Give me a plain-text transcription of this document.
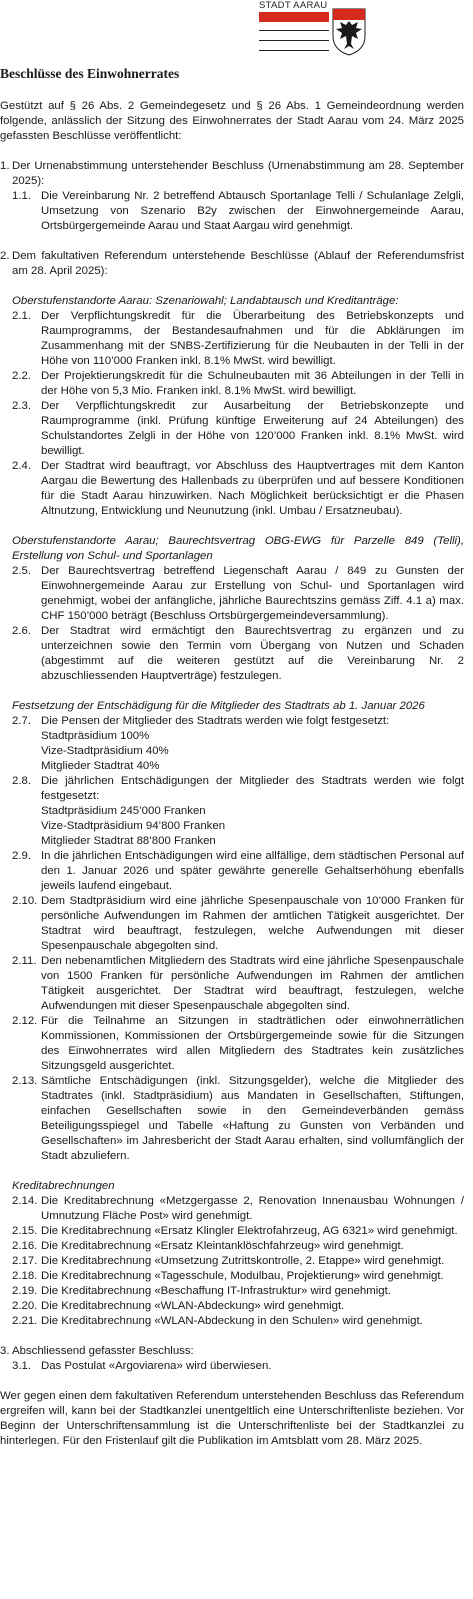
STADT AARAU
Beschlüsse des Einwohnerrates

Gestützt auf § 26 Abs. 2 Gemeindegesetz und § 26 Abs. 1 Gemeindeordnung werden folgende, anlässlich der Sitzung des Einwohnerrates der Stadt Aarau vom 24. März 2025 gefassten Beschlüsse veröffentlicht:

1. Der Urnenabstimmung unterstehender Beschluss (Urnenabstimmung am 28. September 2025):
1.1. Die Vereinbarung Nr. 2 betreffend Abtausch Sportanlage Telli / Schulanlage Zelgli, Umsetzung von Szenario B2y zwischen der Einwohnergemeinde Aarau, Ortsbürgergemeinde Aarau und Staat Aargau wird genehmigt.
2. Dem fakultativen Referendum unterstehende Beschlüsse (Ablauf der Referendumsfrist am 28. April 2025):

Oberstufenstandorte Aarau: Szenariowahl; Landabtausch und Kreditanträge:

2.1. Der Verpflichtungskredit für die Überarbeitung des Betriebskonzepts und Raumprogramms, der Bestandesaufnahmen und für die Abklärungen im Zusammenhang mit der SNBS-Zertifizierung für die Neubauten in der Telli in der Höhe von 110’000 Franken inkl. 8.1% MwSt. wird bewilligt.
2.2. Der Projektierungskredit für die Schulneubauten mit 36 Abteilungen in der Telli in der Höhe von 5,3 Mio. Franken inkl. 8.1% MwSt. wird bewilligt.
2.3. Der Verpflichtungskredit zur Ausarbeitung der Betriebskonzepte und Raumprogramme (inkl. Prüfung künftige Erweiterung auf 24 Abteilungen) des Schulstandortes Zelgli in der Höhe von 120’000 Franken inkl. 8.1% MwSt. wird bewilligt.
2.4. Der Stadtrat wird beauftragt, vor Abschluss des Hauptvertrages mit dem Kanton Aargau die Bewertung des Hallenbads zu überprüfen und auf bessere Konditionen für die Stadt Aarau hinzuwirken. Nach Möglichkeit berücksichtigt er die Phasen Altnutzung, Entwicklung und Neunutzung (inkl. Umbau / Ersatzneubau).

Oberstufenstandorte Aarau; Baurechtsvertrag OBG-EWG für Parzelle 849 (Telli), Erstellung von Schul- und Sportanlagen

2.5. Der Baurechtsvertrag betreffend Liegenschaft Aarau / 849 zu Gunsten der Einwohnergemeinde Aarau zur Erstellung von Schul- und Sportanlagen wird genehmigt, wobei der anfängliche, jährliche Baurechtszins gemäss Ziff. 4.1 a) max. CHF 150’000 beträgt (Beschluss Ortsbürgergemeindeversammlung).
2.6. Der Stadtrat wird ermächtigt den Baurechtsvertrag zu ergänzen und zu unterzeichnen sowie den Termin vom Übergang von Nutzen und Schaden (abgestimmt auf die weiteren gestützt auf die Vereinbarung Nr. 2 abzuschliessenden Hauptverträge) festzulegen.

Festsetzung der Entschädigung für die Mitglieder des Stadtrats ab 1. Januar 2026

2.7. Die Pensen der Mitglieder des Stadtrats werden wie folgt festgesetzt:
Stadtpräsidium 100%
Vize-Stadtpräsidium 40%
Mitglieder Stadtrat 40%
2.8. Die jährlichen Entschädigungen der Mitglieder des Stadtrats werden wie folgt festgesetzt:
Stadtpräsidium 245’000 Franken
Vize-Stadtpräsidium 94’800 Franken
Mitglieder Stadtrat 88’800 Franken
2.9. In die jährlichen Entschädigungen wird eine allfällige, dem städtischen Personal auf den 1. Januar 2026 und später gewährte generelle Gehaltserhöhung ebenfalls jeweils laufend eingebaut.
2.10. Dem Stadtpräsidium wird eine jährliche Spesenpauschale von 10’000 Franken für persönliche Aufwendungen im Rahmen der amtlichen Tätigkeit ausgerichtet. Der Stadtrat wird beauftragt, festzulegen, welche Aufwendungen mit dieser Spesenpauschale abgegolten sind.
2.11. Den nebenamtlichen Mitgliedern des Stadtrats wird eine jährliche Spesenpauschale von 1500 Franken für persönliche Aufwendungen im Rahmen der amtlichen Tätigkeit ausgerichtet. Der Stadtrat wird beauftragt, festzulegen, welche Aufwendungen mit dieser Spesenpauschale abgegolten sind.
2.12. Für die Teilnahme an Sitzungen in stadträtlichen oder einwohnerrätlichen Kommissionen, Kommissionen der Ortsbürgergemeinde sowie für die Sitzungen des Einwohnerrates wird allen Mitgliedern des Stadtrates kein zusätzliches Sitzungsgeld ausgerichtet.
2.13. Sämtliche Entschädigungen (inkl. Sitzungsgelder), welche die Mitglieder des Stadtrates (inkl. Stadtpräsidium) aus Mandaten in Gesellschaften, Stiftungen, einfachen Gesellschaften sowie in den Gemeindeverbänden gemäss Beteiligungsspiegel und Tabelle «Haftung zu Gunsten von Verbänden und Gesellschaften» im Jahresbericht der Stadt Aarau erhalten, sind vollumfänglich der Stadt abzuliefern.

Kreditabrechnungen

2.14. Die Kreditabrechnung «Metzgergasse 2, Renovation Innenausbau Wohnungen / Umnutzung Fläche Post» wird genehmigt.
2.15. Die Kreditabrechnung «Ersatz Klingler Elektrofahrzeug, AG 6321» wird genehmigt.
2.16. Die Kreditabrechnung «Ersatz Kleintanklöschfahrzeug» wird genehmigt.
2.17. Die Kreditabrechnung «Umsetzung Zutrittskontrolle, 2. Etappe» wird genehmigt.
2.18. Die Kreditabrechnung «Tagesschule, Modulbau, Projektierung» wird genehmigt.
2.19. Die Kreditabrechnung «Beschaffung IT-Infrastruktur» wird genehmigt.
2.20. Die Kreditabrechnung «WLAN-Abdeckung» wird genehmigt.
2.21. Die Kreditabrechnung «WLAN-Abdeckung in den Schulen» wird genehmigt.
3. Abschliessend gefasster Beschluss:
3.1. Das Postulat «Argoviarena» wird überwiesen.

Wer gegen einen dem fakultativen Referendum unterstehenden Beschluss das Referendum ergreifen will, kann bei der Stadtkanzlei unentgeltlich eine Unterschriftenliste beziehen. Vor Beginn der Unterschriftensammlung ist die Unterschriftenliste bei der Stadtkanzlei zu hinterlegen. Für den Fristenlauf gilt die Publikation im Amtsblatt vom 28. März 2025.
